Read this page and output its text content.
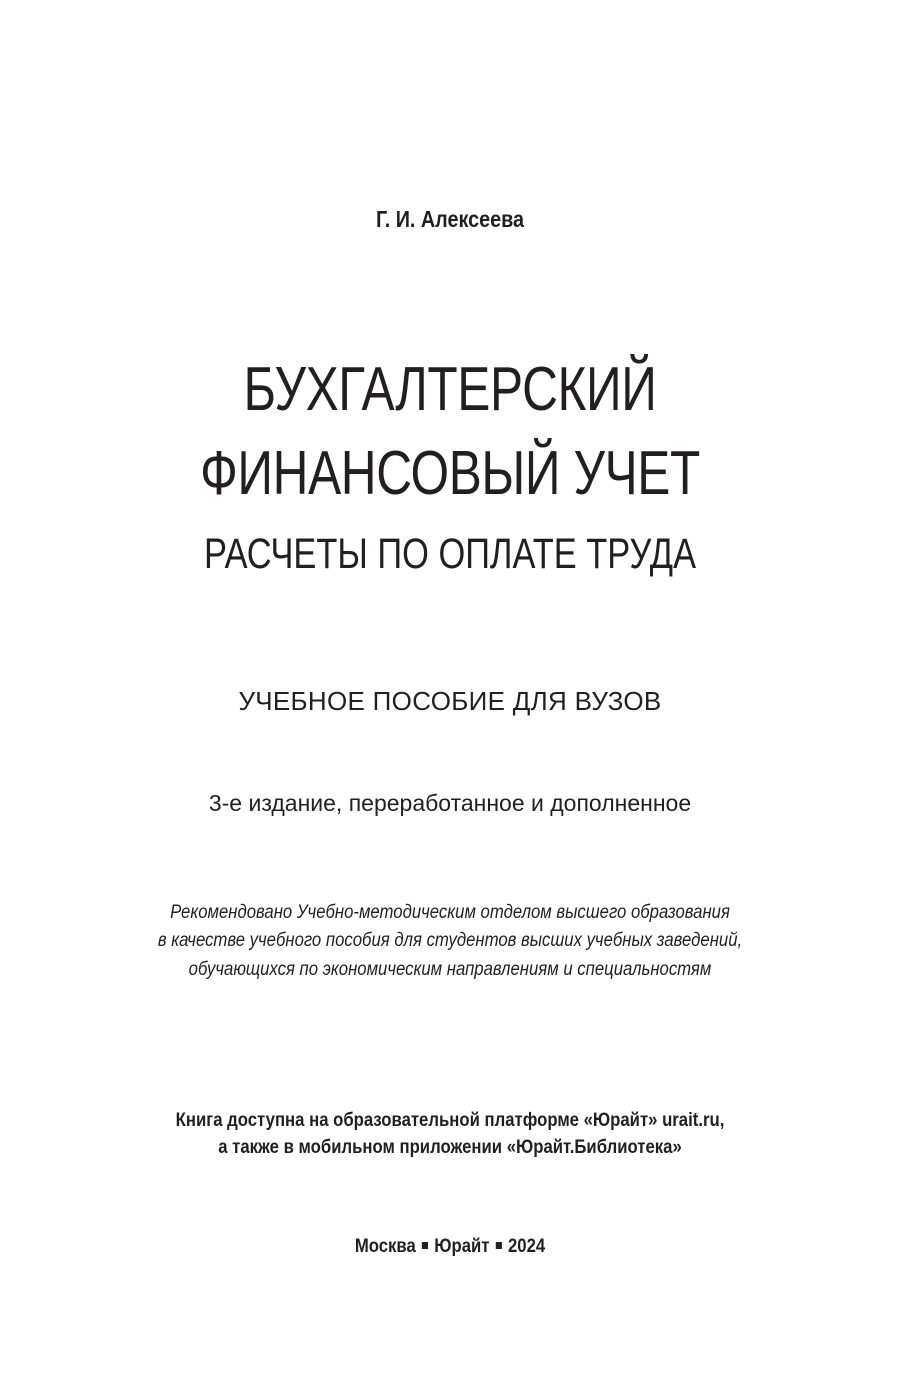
Г. И. Алексеева
БУХГАЛТЕРСКИЙ
ФИНАНСОВЫЙ УЧЕТ
РАСЧЕТЫ ПО ОПЛАТЕ ТРУДА
УЧЕБНОЕ ПОСОБИЕ ДЛЯ ВУЗОВ
3-е издание, переработанное и дополненное
Рекомендовано Учебно-методическим отделом высшего образования
в качестве учебного пособия для студентов высших учебных заведений,
обучающихся по экономическим направлениям и специальностям
Книга доступна на образовательной платформе «Юрайт» urait.ru,
а также в мобильном приложении «Юрайт.Библиотека»
Москва Юрайт 2024
